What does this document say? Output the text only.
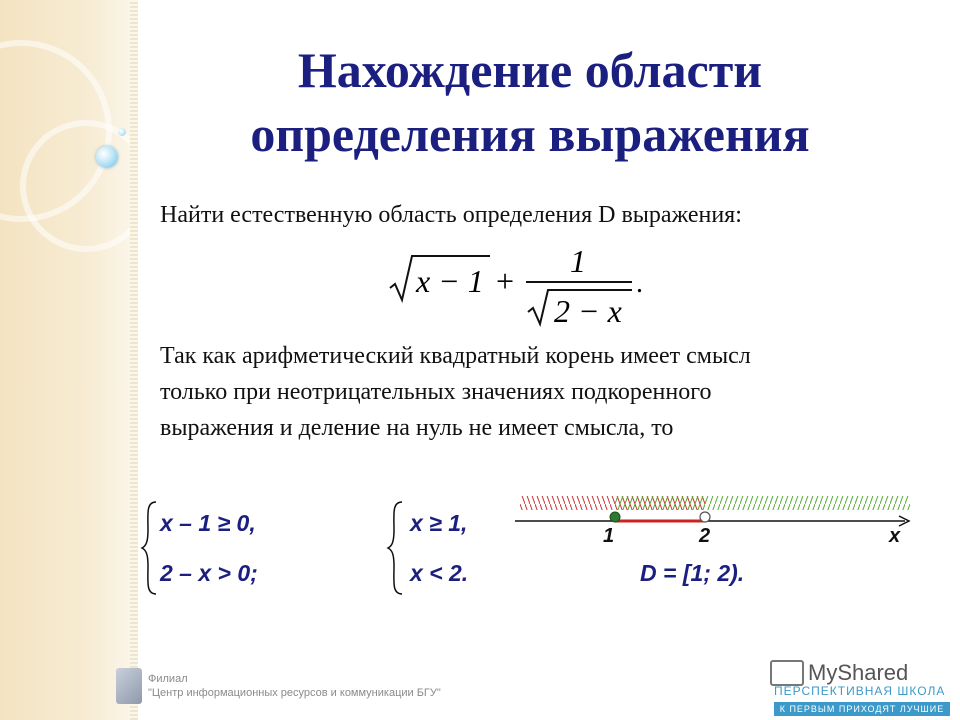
Нахождение области
определения выражения
Найти естественную область определения D выражения:
x − 1 +
1
2 − x
.
Так как арифметический квадратный корень имеет смысл
только при неотрицательных значениях подкоренного
выражения и деление на нуль не имеет смысла, то
x – 1 ≥ 0,
2 – x > 0;
x ≥ 1,
x < 2.
1	2	x
D = [1; 2).
Филиал
"Центр информационных ресурсов и коммуникации БГУ"
MyShared
ПЕРСПЕКТИВНАЯ ШКОЛА
К ПЕРВЫМ ПРИХОДЯТ ЛУЧШИЕ
